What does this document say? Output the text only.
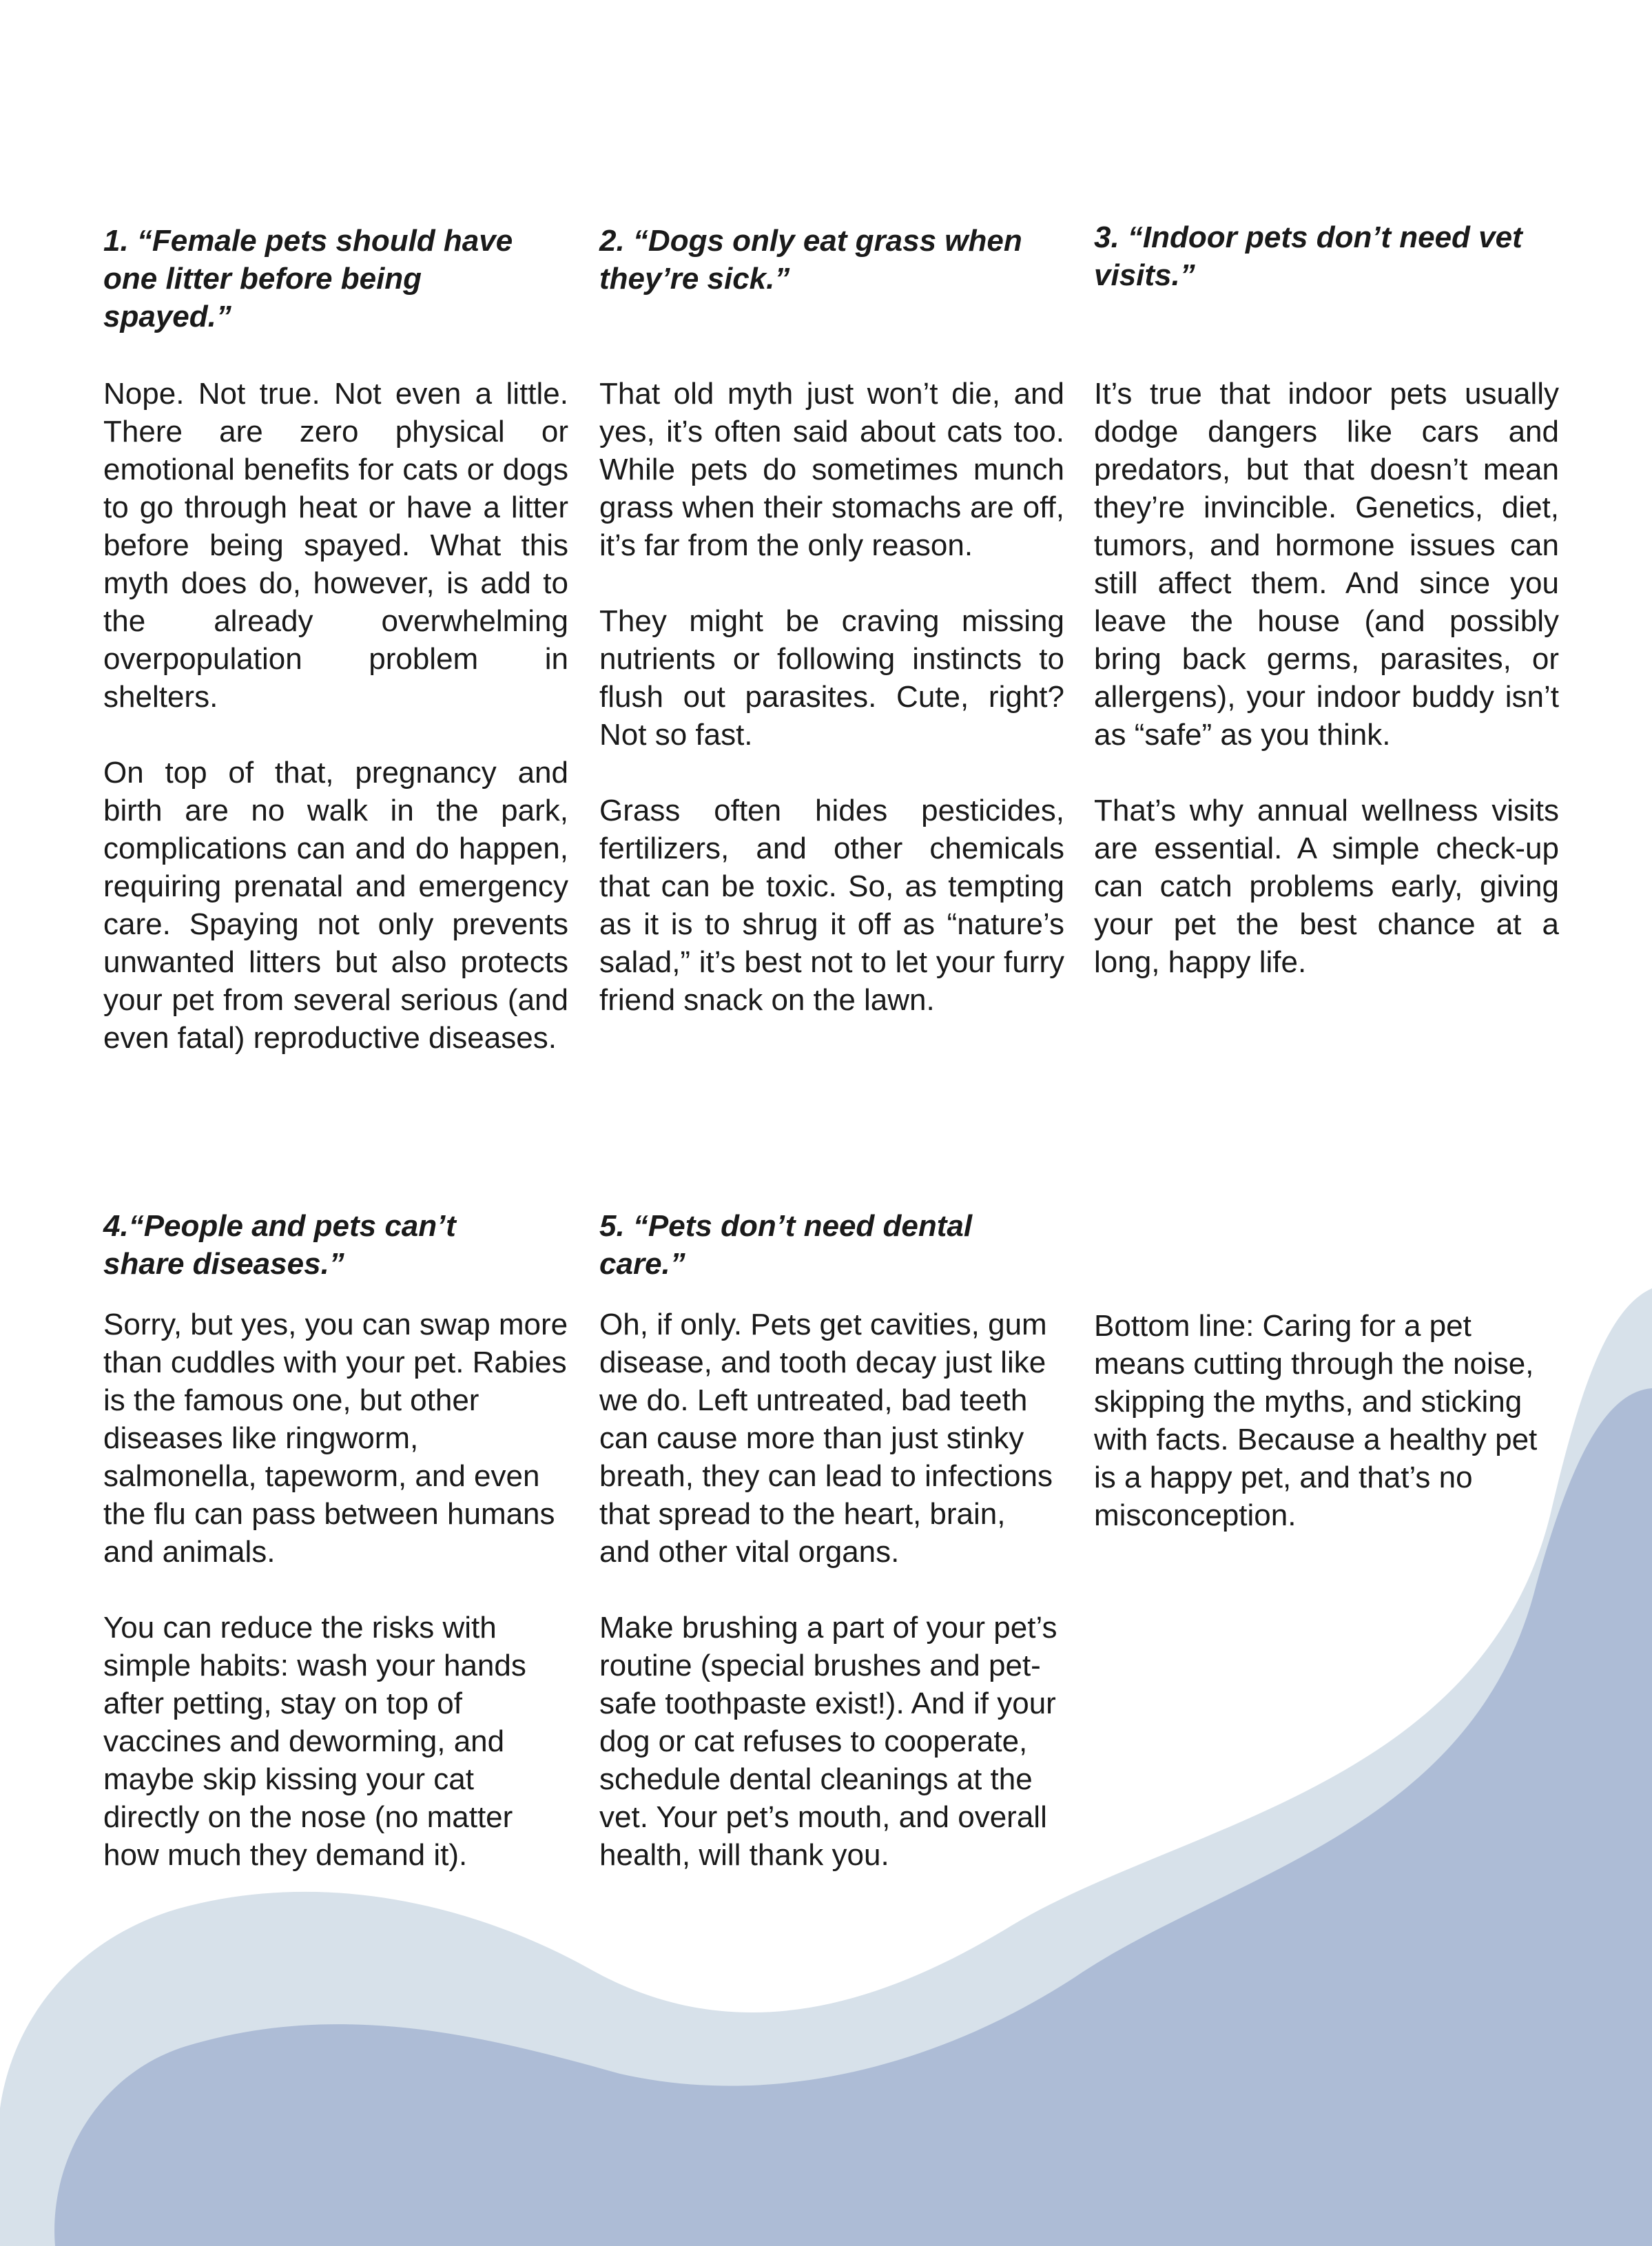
1. “Female pets should have one litter before being spayed.”

Nope. Not true. Not even a little. There are zero physical or emotional benefits for cats or dogs to go through heat or have a litter before being spayed. What this myth does do, however, is add to the already overwhelming overpopulation problem in shelters.

On top of that, pregnancy and birth are no walk in the park, complications can and do happen, requiring prenatal and emergency care. Spaying not only prevents unwanted litters but also protects your pet from several serious (and even fatal) reproductive diseases.

2. “Dogs only eat grass when they’re sick.”

That old myth just won’t die, and yes, it’s often said about cats too. While pets do sometimes munch grass when their stomachs are off, it’s far from the only reason.

They might be craving missing nutrients or following instincts to flush out parasites. Cute, right? Not so fast.

Grass often hides pesticides, fertilizers, and other chemicals that can be toxic. So, as tempting as it is to shrug it off as “nature’s salad,” it’s best not to let your furry friend snack on the lawn.

3. “Indoor pets don’t need vet visits.”

It’s true that indoor pets usually dodge dangers like cars and predators, but that doesn’t mean they’re invincible. Genetics, diet, tumors, and hormone issues can still affect them. And since you leave the house (and possibly bring back germs, parasites, or allergens), your indoor buddy isn’t as “safe” as you think.

That’s why annual wellness visits are essential. A simple check-up can catch problems early, giving your pet the best chance at a long, happy life.

4.“People and pets can’t share diseases.”

Sorry, but yes, you can swap more than cuddles with your pet. Rabies is the famous one, but other diseases like ringworm, salmonella, tapeworm, and even the flu can pass between humans and animals.

You can reduce the risks with simple habits: wash your hands after petting, stay on top of vaccines and deworming, and maybe skip kissing your cat directly on the nose (no matter how much they demand it).

5. “Pets don’t need dental care.”

Oh, if only. Pets get cavities, gum disease, and tooth decay just like we do. Left untreated, bad teeth can cause more than just stinky breath, they can lead to infections that spread to the heart, brain, and other vital organs.

Make brushing a part of your pet’s routine (special brushes and pet-safe toothpaste exist!). And if your dog or cat refuses to cooperate, schedule dental cleanings at the vet. Your pet’s mouth, and overall health, will thank you.

Bottom line: Caring for a pet means cutting through the noise, skipping the myths, and sticking with facts. Because a healthy pet is a happy pet, and that’s no misconception.
